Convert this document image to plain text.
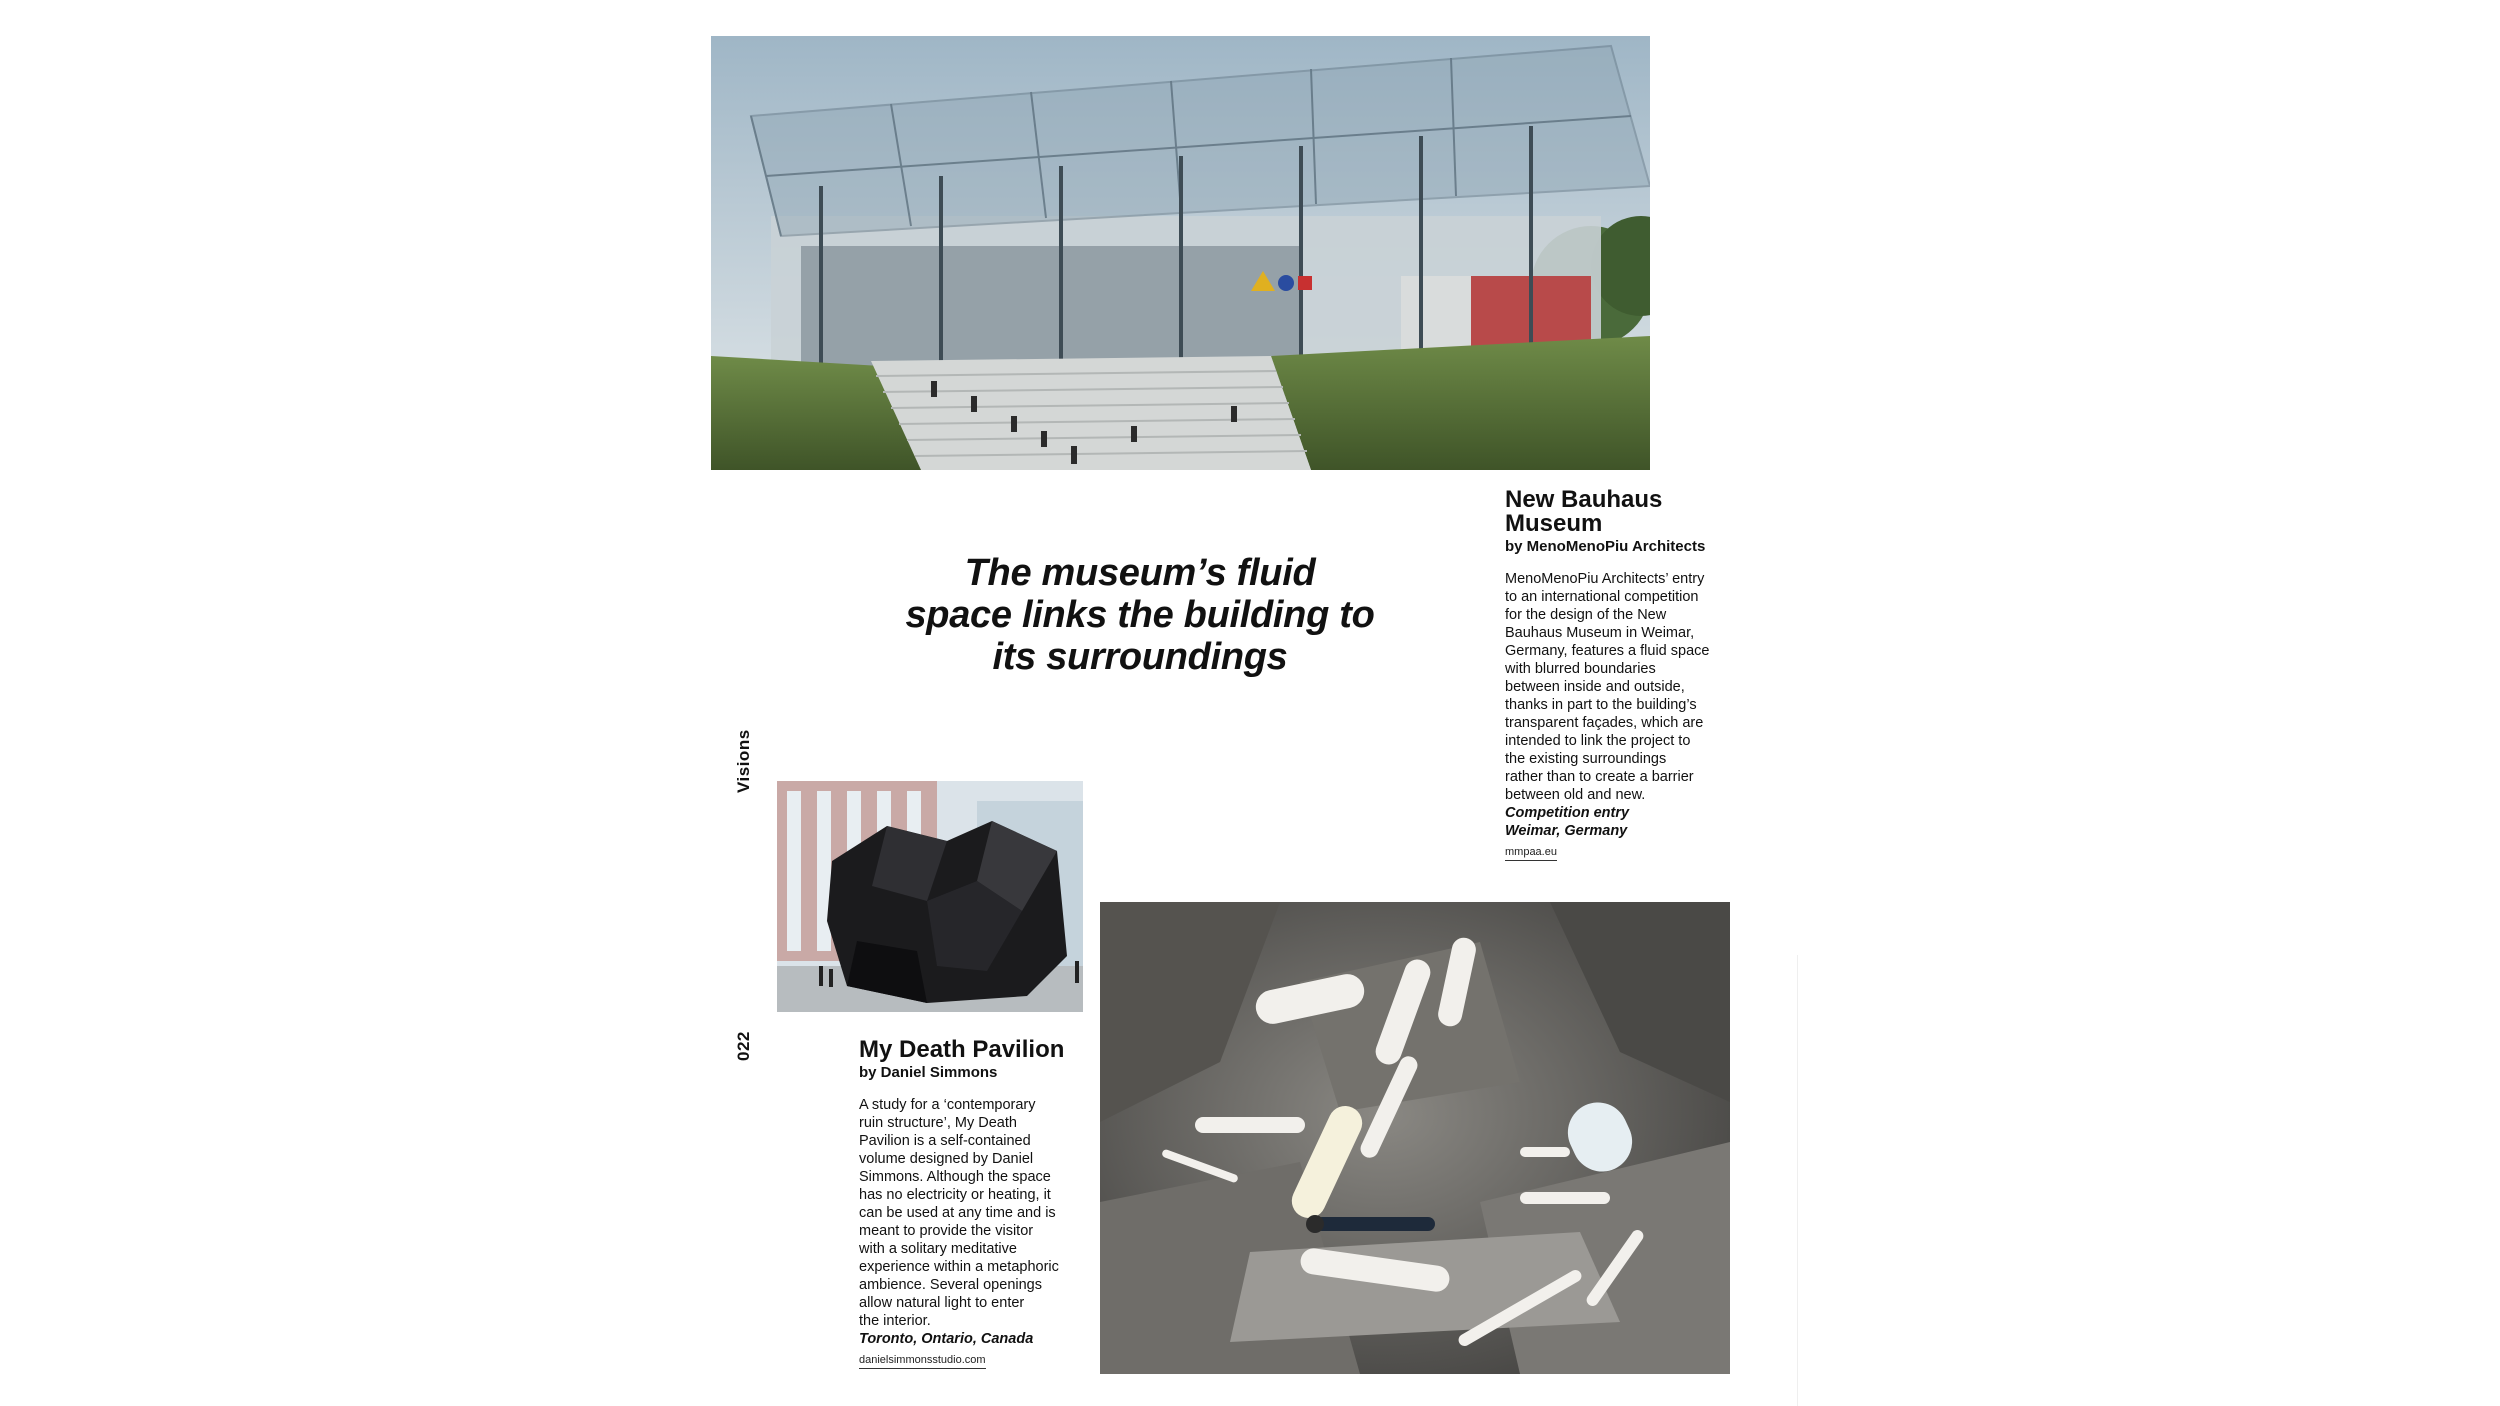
The museum’s fluid
space links the building to
its surroundings
Visions
022
New Bauhaus
Museum

by MenoMenoPiu Architects

MenoMenoPiu Architects’ entry
to an international competition
for the design of the New
Bauhaus Museum in Weimar,
Germany, features a fluid space
with blurred boundaries
between inside and outside,
thanks in part to the building’s
transparent façades, which are
intended to link the project to
the existing surroundings
rather than to create a barrier
between old and new.

Competition entry
Weimar, Germany

mmpaa.eu
My Death Pavilion

by Daniel Simmons

A study for a ‘contemporary
ruin structure’, My Death
Pavilion is a self-contained
volume designed by Daniel
Simmons. Although the space
has no electricity or heating, it
can be used at any time and is
meant to provide the visitor
with a solitary meditative
experience within a metaphoric
ambience. Several openings
allow natural light to enter
the interior.

Toronto, Ontario, Canada

danielsimmonsstudio.com
